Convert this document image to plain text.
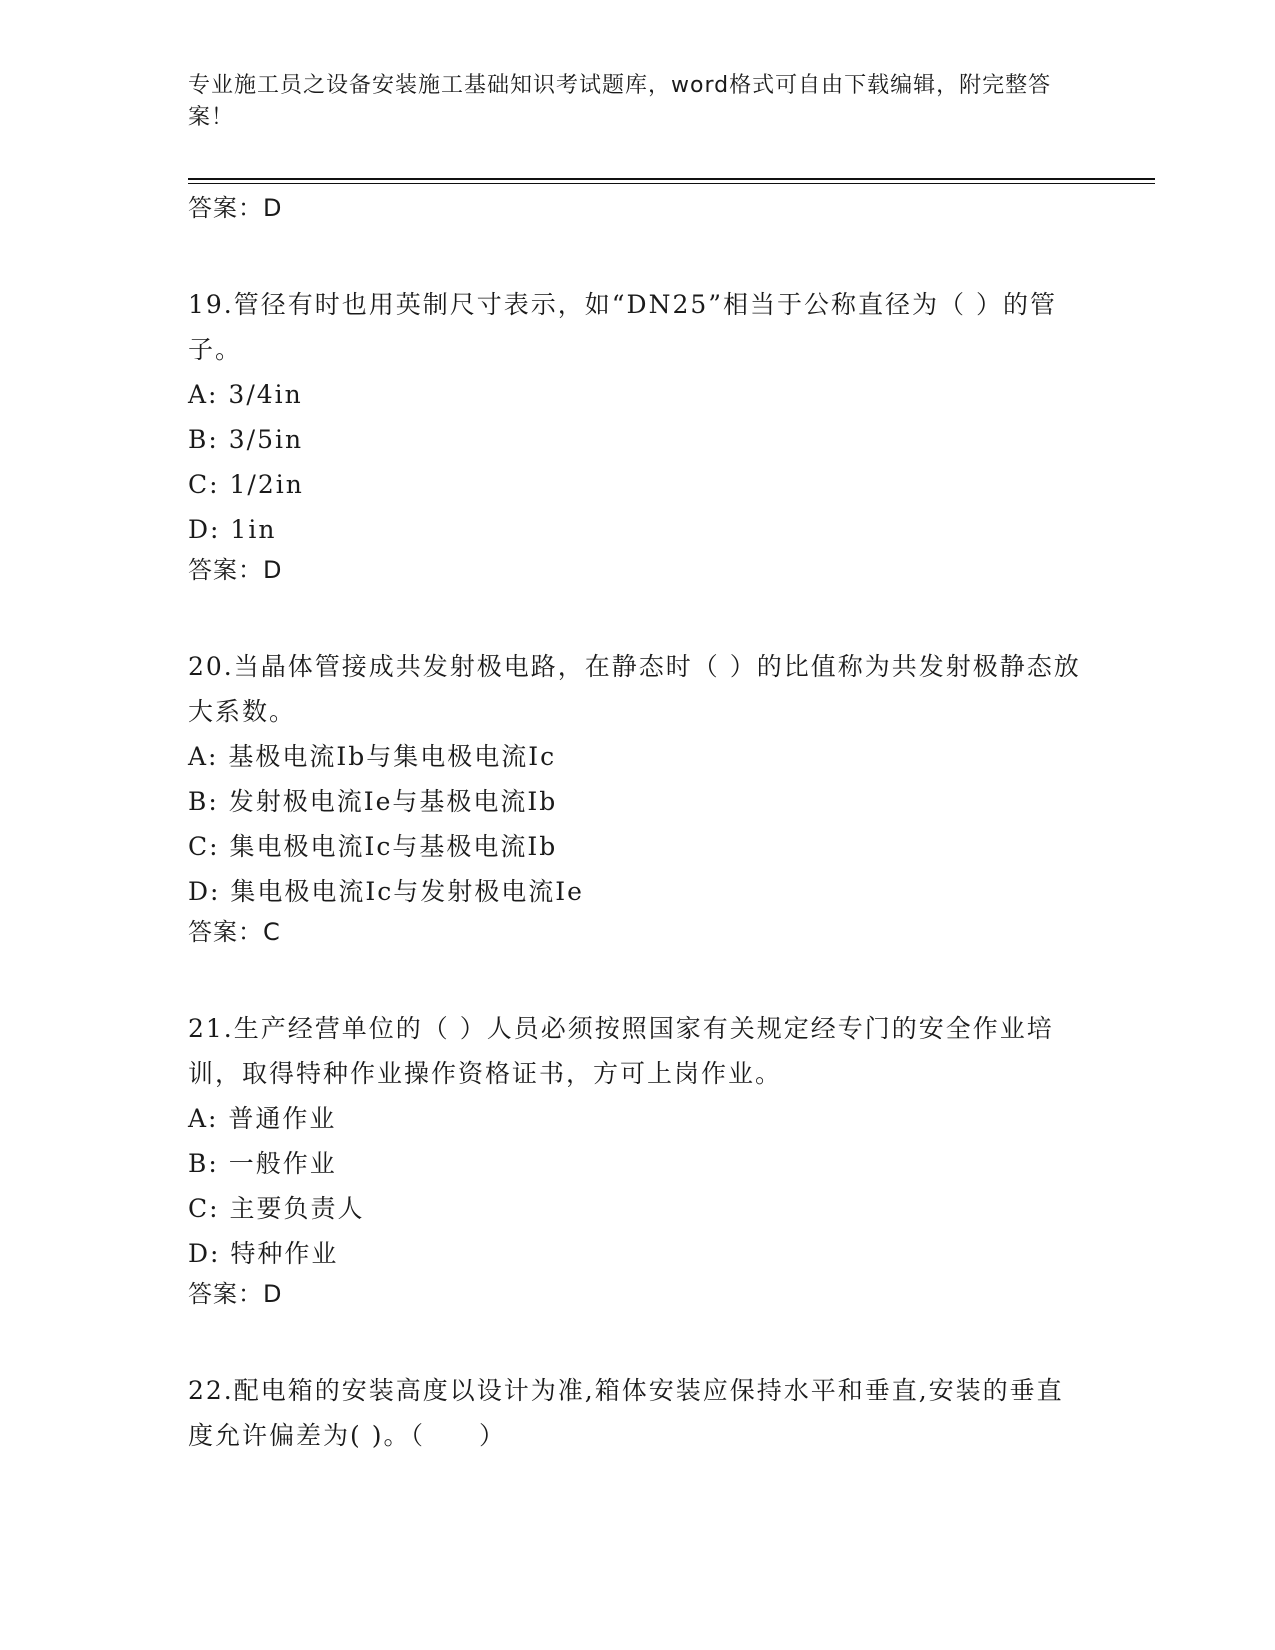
专业施工员之设备安装施工基础知识考试题库，word格式可自由下载编辑，附完整答案！
答案：D
19.管径有时也用英制尺寸表示，如“DN25”相当于公称直径为（ ）的管子。
A: 3/4in
B: 3/5in
C: 1/2in
D: 1in
答案：D
20.当晶体管接成共发射极电路，在静态时（ ）的比值称为共发射极静态放大系数。
A: 基极电流Ib与集电极电流Ic
B: 发射极电流Ie与基极电流Ib
C: 集电极电流Ic与基极电流Ib
D: 集电极电流Ic与发射极电流Ie
答案：C
21.生产经营单位的（ ）人员必须按照国家有关规定经专门的安全作业培训，取得特种作业操作资格证书，方可上岗作业。
A: 普通作业
B: 一般作业
C: 主要负责人
D: 特种作业
答案：D
22.配电箱的安装高度以设计为准,箱体安装应保持水平和垂直,安装的垂直度允许偏差为( )。（　　）
